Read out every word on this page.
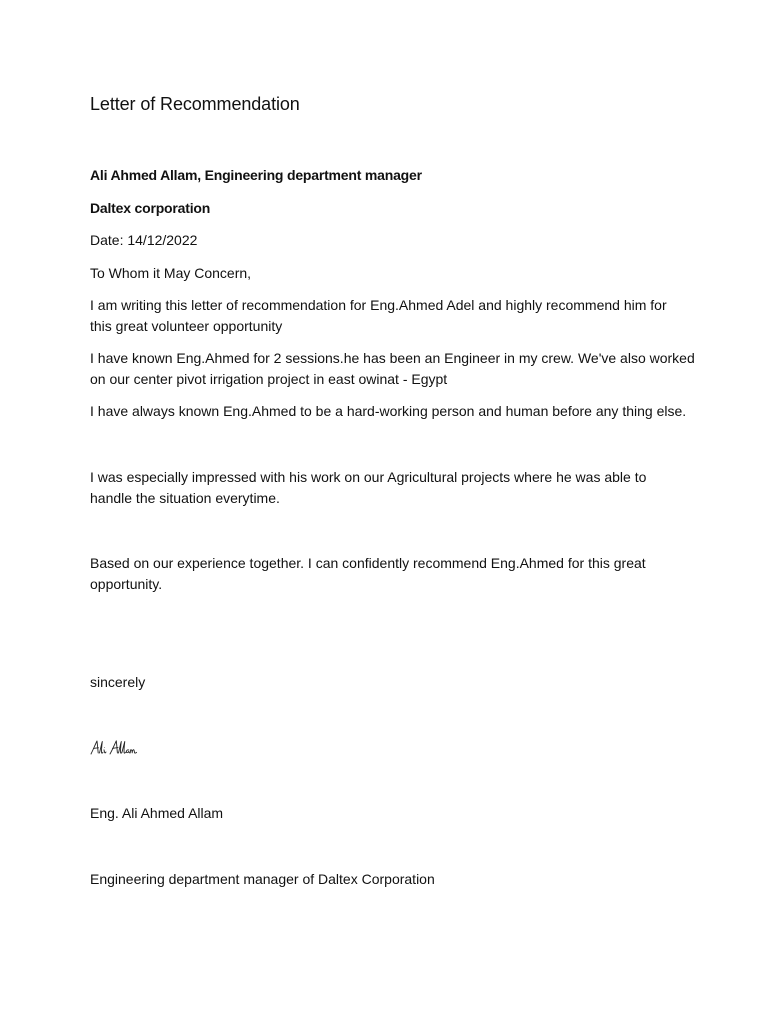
Letter of Recommendation
Ali Ahmed Allam, Engineering department manager
Daltex corporation
Date: 14/12/2022
To Whom it May Concern,
I am writing this letter of recommendation for Eng.Ahmed Adel and highly recommend him for
this great volunteer opportunity
I have known Eng.Ahmed for 2 sessions.he has been an Engineer in my crew. We've also worked
on our center pivot irrigation project in east owinat - Egypt
I have always known Eng.Ahmed to be a hard-working person and human before any thing else.
I was especially impressed with his work on our Agricultural projects where he was able to
handle the situation everytime.
Based on our experience together. I can confidently recommend Eng.Ahmed for this great
opportunity.
sincerely
Eng. Ali Ahmed Allam
Engineering department manager of Daltex Corporation
